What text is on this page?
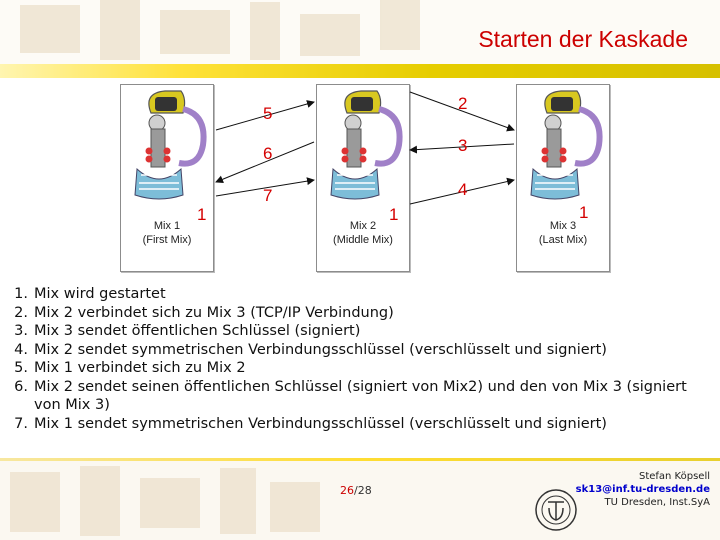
Starten der Kaskade
1
Mix 1
(First Mix)
1
Mix 2
(Middle Mix)
1
Mix 3
(Last Mix)
5
6
7
2
3
4
1. Mix wird gestartet
2. Mix 2 verbindet sich zu Mix 3 (TCP/IP Verbindung)
3. Mix 3 sendet öffentlichen Schlüssel (signiert)
4. Mix 2 sendet symmetrischen Verbindungsschlüssel (verschlüsselt und signiert)
5. Mix 1 verbindet sich zu Mix 2
6. Mix 2 sendet seinen öffentlichen Schlüssel (signiert von Mix2) und den von Mix 3 (signiert von Mix 3)
7. Mix 1 sendet symmetrischen Verbindungsschlüssel (verschlüsselt und signiert)
26/28
Stefan Köpsell
sk13@inf.tu-dresden.de
TU Dresden, Inst.SyA
